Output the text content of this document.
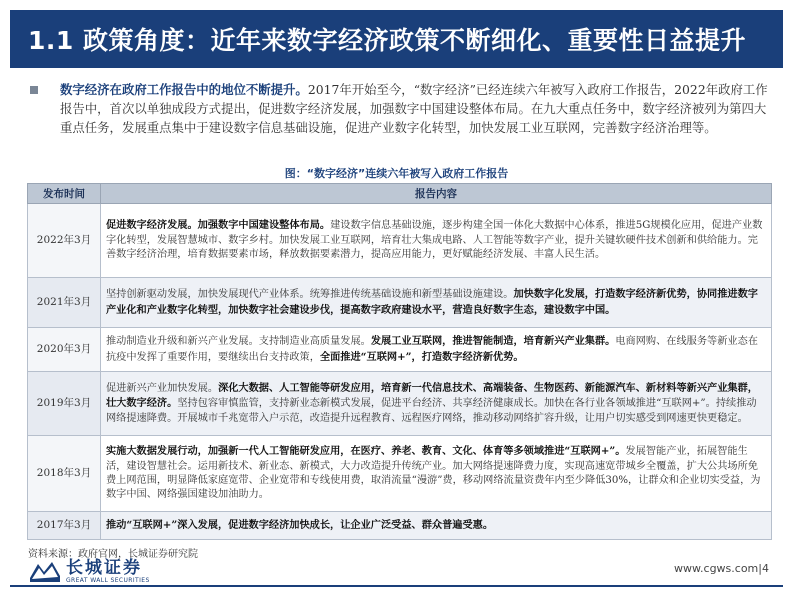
1.1 政策角度：近年来数字经济政策不断细化、重要性日益提升

数字经济在政府工作报告中的地位不断提升。2017年开始至今，“数字经济”已经连续六年被写入政府工作报告，2022年政府工作报告中，首次以单独成段方式提出，促进数字经济发展，加强数字中国建设整体布局。在九大重点任务中，数字经济被列为第四大重点任务，发展重点集中于建设数字信息基础设施，促进产业数字化转型，加快发展工业互联网，完善数字经济治理等。

图：“数字经济”连续六年被写入政府工作报告
发布时间	报告内容
2022年3月	促进数字经济发展。加强数字中国建设整体布局。建设数字信息基础设施，逐步构建全国一体化大数据中心体系，推进5G规模化应用，促进产业数字化转型，发展智慧城市、数字乡村。加快发展工业互联网，培育壮大集成电路、人工智能等数字产业，提升关键软硬件技术创新和供给能力。完善数字经济治理，培育数据要素市场，释放数据要素潜力，提高应用能力，更好赋能经济发展、丰富人民生活。
2021年3月	坚持创新驱动发展，加快发展现代产业体系。统筹推进传统基础设施和新型基础设施建设。加快数字化发展，打造数字经济新优势，协同推进数字产业化和产业数字化转型，加快数字社会建设步伐，提高数字政府建设水平，营造良好数字生态，建设数字中国。
2020年3月	推动制造业升级和新兴产业发展。支持制造业高质量发展。发展工业互联网，推进智能制造，培育新兴产业集群。电商网购、在线服务等新业态在抗疫中发挥了重要作用，要继续出台支持政策，全面推进“互联网+”，打造数字经济新优势。
2019年3月	促进新兴产业加快发展。深化大数据、人工智能等研发应用，培育新一代信息技术、高端装备、生物医药、新能源汽车、新材料等新兴产业集群，壮大数字经济。坚持包容审慎监管，支持新业态新模式发展，促进平台经济、共享经济健康成长。加快在各行业各领域推进“互联网+”。持续推动网络提速降费。开展城市千兆宽带入户示范，改造提升远程教育、远程医疗网络，推动移动网络扩容升级，让用户切实感受到网速更快更稳定。
2018年3月	实施大数据发展行动，加强新一代人工智能研发应用，在医疗、养老、教育、文化、体育等多领域推进“互联网+”。发展智能产业，拓展智能生活，建设智慧社会。运用新技术、新业态、新模式，大力改造提升传统产业。加大网络提速降费力度，实现高速宽带城乡全覆盖，扩大公共场所免费上网范围，明显降低家庭宽带、企业宽带和专线使用费，取消流量“漫游”费，移动网络流量资费年内至少降低30%，让群众和企业切实受益，为数字中国、网络强国建设加油助力。
2017年3月	推动“互联网+”深入发展，促进数字经济加快成长，让企业广泛受益、群众普遍受惠。
资料来源：政府官网，长城证券研究院
长城证券
GREAT WALL SECURITIES
www.cgws.com|4
